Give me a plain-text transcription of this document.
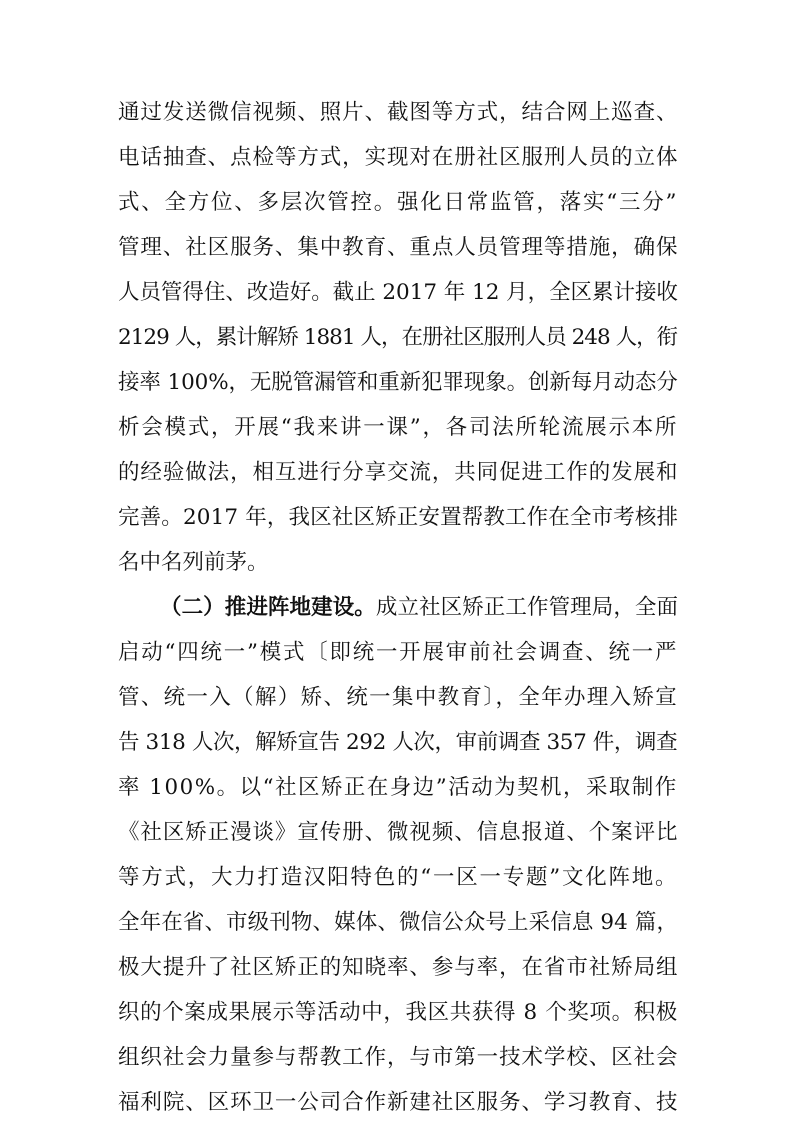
通过发送微信视频、照片、截图等方式，结合网上巡查、
电话抽查、点检等方式，实现对在册社区服刑人员的立体
式、全方位、多层次管控。强化日常监管，落实“三分”
管理、社区服务、集中教育、重点人员管理等措施，确保
人员管得住、改造好。截止 2017 年 12 月，全区累计接收
2129 人，累计解矫 1881 人，在册社区服刑人员 248 人，衔
接率 100%，无脱管漏管和重新犯罪现象。创新每月动态分
析会模式，开展“我来讲一课”，各司法所轮流展示本所
的经验做法，相互进行分享交流，共同促进工作的发展和
完善。2017 年，我区社区矫正安置帮教工作在全市考核排
名中名列前茅。
（二）推进阵地建设。成立社区矫正工作管理局，全面
启动“四统一”模式〔即统一开展审前社会调查、统一严
管、统一入（解）矫、统一集中教育〕，全年办理入矫宣
告 318 人次，解矫宣告 292 人次，审前调查 357 件，调查
率 100%。以“社区矫正在身边”活动为契机，采取制作
《社区矫正漫谈》宣传册、微视频、信息报道、个案评比
等方式，大力打造汉阳特色的“一区一专题”文化阵地。
全年在省、市级刊物、媒体、微信公众号上采信息 94 篇，
极大提升了社区矫正的知晓率、参与率，在省市社矫局组
织的个案成果展示等活动中，我区共获得 8 个奖项。积极
组织社会力量参与帮教工作，与市第一技术学校、区社会
福利院、区环卫一公司合作新建社区服务、学习教育、技
